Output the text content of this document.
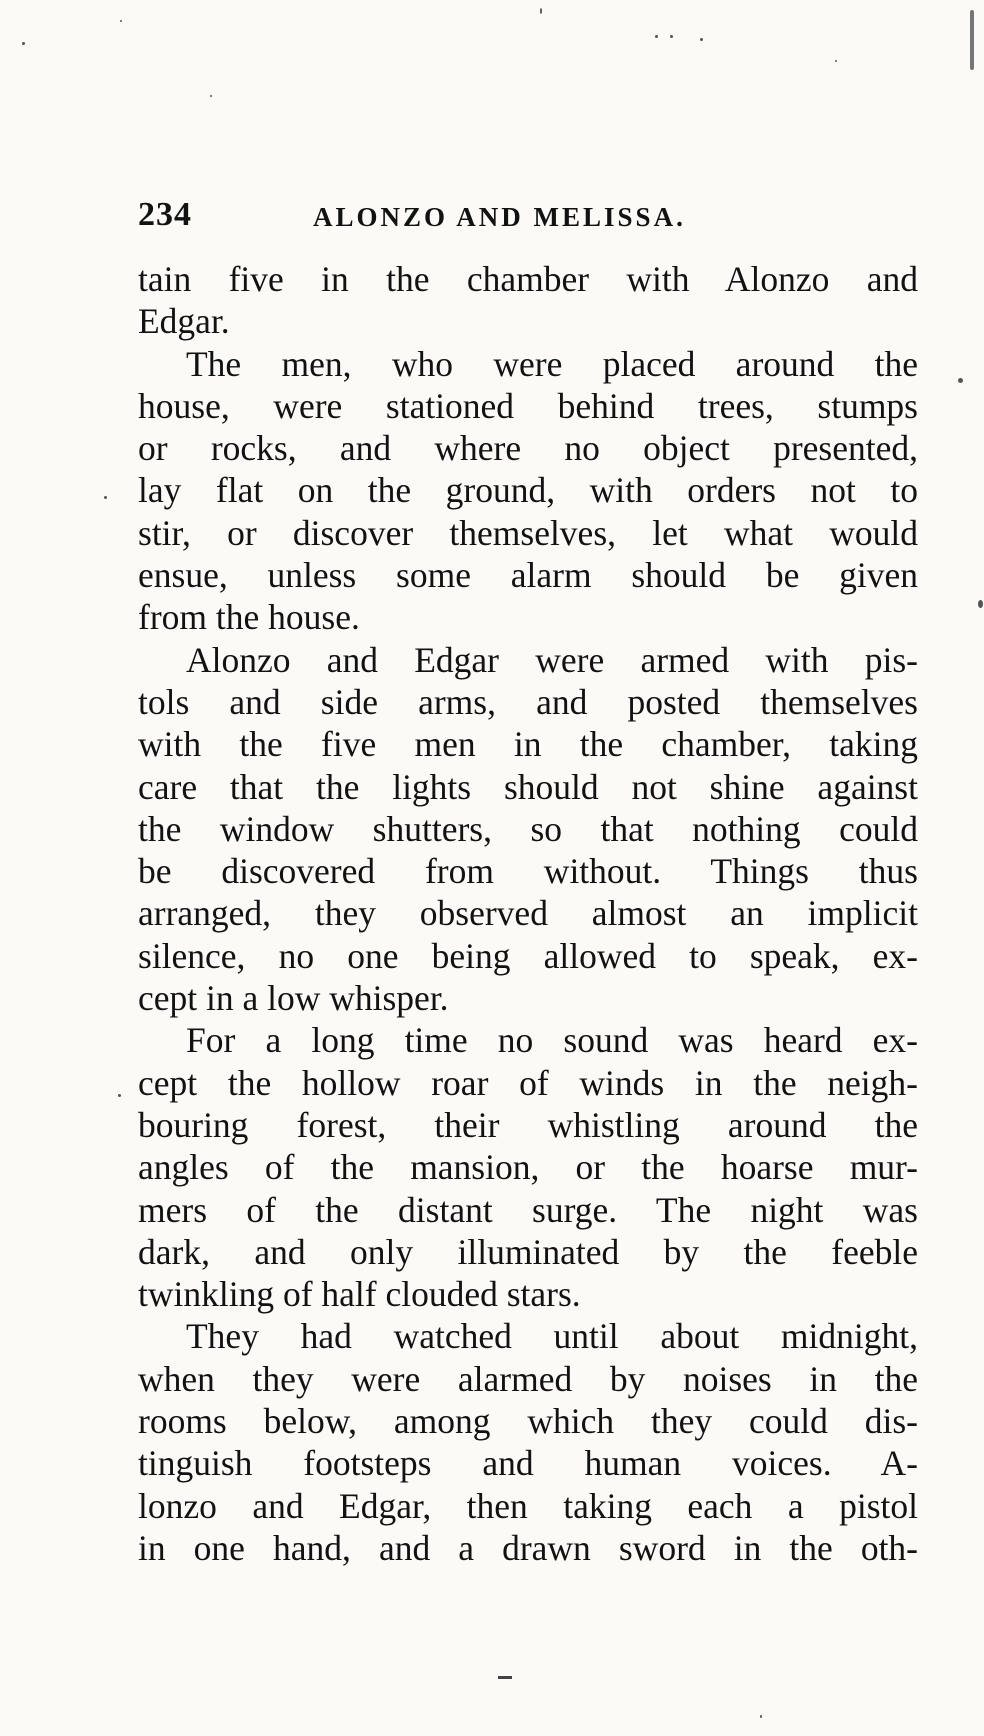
234	ALONZO AND MELISSA.
tain five in the chamber with Alonzo and
Edgar.
The men, who were placed around the
house, were stationed behind trees, stumps
or rocks, and where no object presented,
lay flat on the ground, with orders not to
stir, or discover themselves, let what would
ensue, unless some alarm should be given
from the house.
Alonzo and Edgar were armed with pis-
tols and side arms, and posted themselves
with the five men in the chamber, taking
care that the lights should not shine against
the window shutters, so that nothing could
be discovered from without. Things thus
arranged, they observed almost an implicit
silence, no one being allowed to speak, ex-
cept in a low whisper.
For a long time no sound was heard ex-
cept the hollow roar of winds in the neigh-
bouring forest, their whistling around the
angles of the mansion, or the hoarse mur-
mers of the distant surge. The night was
dark, and only illuminated by the feeble
twinkling of half clouded stars.
They had watched until about midnight,
when they were alarmed by noises in the
rooms below, among which they could dis-
tinguish footsteps and human voices. A-
lonzo and Edgar, then taking each a pistol
in one hand, and a drawn sword in the oth-
